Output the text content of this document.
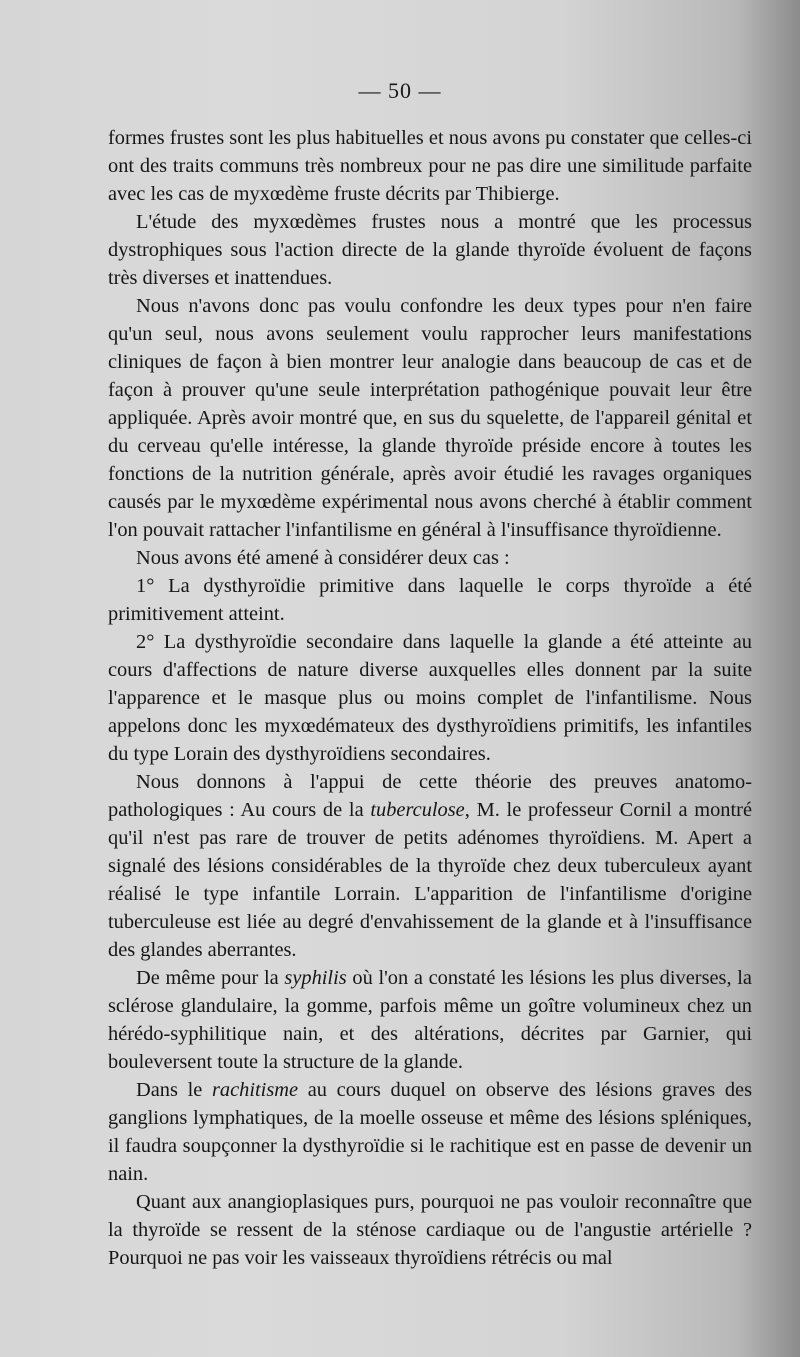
— 50 —

formes frustes sont les plus habituelles et nous avons pu constater que celles-ci ont des traits communs très nombreux pour ne pas dire une similitude parfaite avec les cas de myxœdème fruste décrits par Thibierge.

L'étude des myxœdèmes frustes nous a montré que les processus dystrophiques sous l'action directe de la glande thyroïde évoluent de façons très diverses et inattendues.

Nous n'avons donc pas voulu confondre les deux types pour n'en faire qu'un seul, nous avons seulement voulu rapprocher leurs manifestations cliniques de façon à bien montrer leur analogie dans beaucoup de cas et de façon à prouver qu'une seule interprétation pathogénique pouvait leur être appliquée. Après avoir montré que, en sus du squelette, de l'appareil génital et du cerveau qu'elle intéresse, la glande thyroïde préside encore à toutes les fonctions de la nutrition générale, après avoir étudié les ravages organiques causés par le myxœdème expérimental nous avons cherché à établir comment l'on pouvait rattacher l'infantilisme en général à l'insuffisance thyroïdienne.

Nous avons été amené à considérer deux cas :

1° La dysthyroïdie primitive dans laquelle le corps thyroïde a été primitivement atteint.

2° La dysthyroïdie secondaire dans laquelle la glande a été atteinte au cours d'affections de nature diverse auxquelles elles donnent par la suite l'apparence et le masque plus ou moins complet de l'infantilisme. Nous appelons donc les myxœdémateux des dysthyroïdiens primitifs, les infantiles du type Lorain des dysthyroïdiens secondaires.

Nous donnons à l'appui de cette théorie des preuves anatomo-pathologiques : Au cours de la tuberculose, M. le professeur Cornil a montré qu'il n'est pas rare de trouver de petits adénomes thyroïdiens. M. Apert a signalé des lésions considérables de la thyroïde chez deux tuberculeux ayant réalisé le type infantile Lorrain. L'apparition de l'infantilisme d'origine tuberculeuse est liée au degré d'envahissement de la glande et à l'insuffisance des glandes aberrantes.

De même pour la syphilis où l'on a constaté les lésions les plus diverses, la sclérose glandulaire, la gomme, parfois même un goître volumineux chez un hérédo-syphilitique nain, et des altérations, décrites par Garnier, qui bouleversent toute la structure de la glande.

Dans le rachitisme au cours duquel on observe des lésions graves des ganglions lymphatiques, de la moelle osseuse et même des lésions spléniques, il faudra soupçonner la dysthyroïdie si le rachitique est en passe de devenir un nain.

Quant aux anangioplasiques purs, pourquoi ne pas vouloir reconnaître que la thyroïde se ressent de la sténose cardiaque ou de l'angustie artérielle ? Pourquoi ne pas voir les vaisseaux thyroïdiens rétrécis ou mal
